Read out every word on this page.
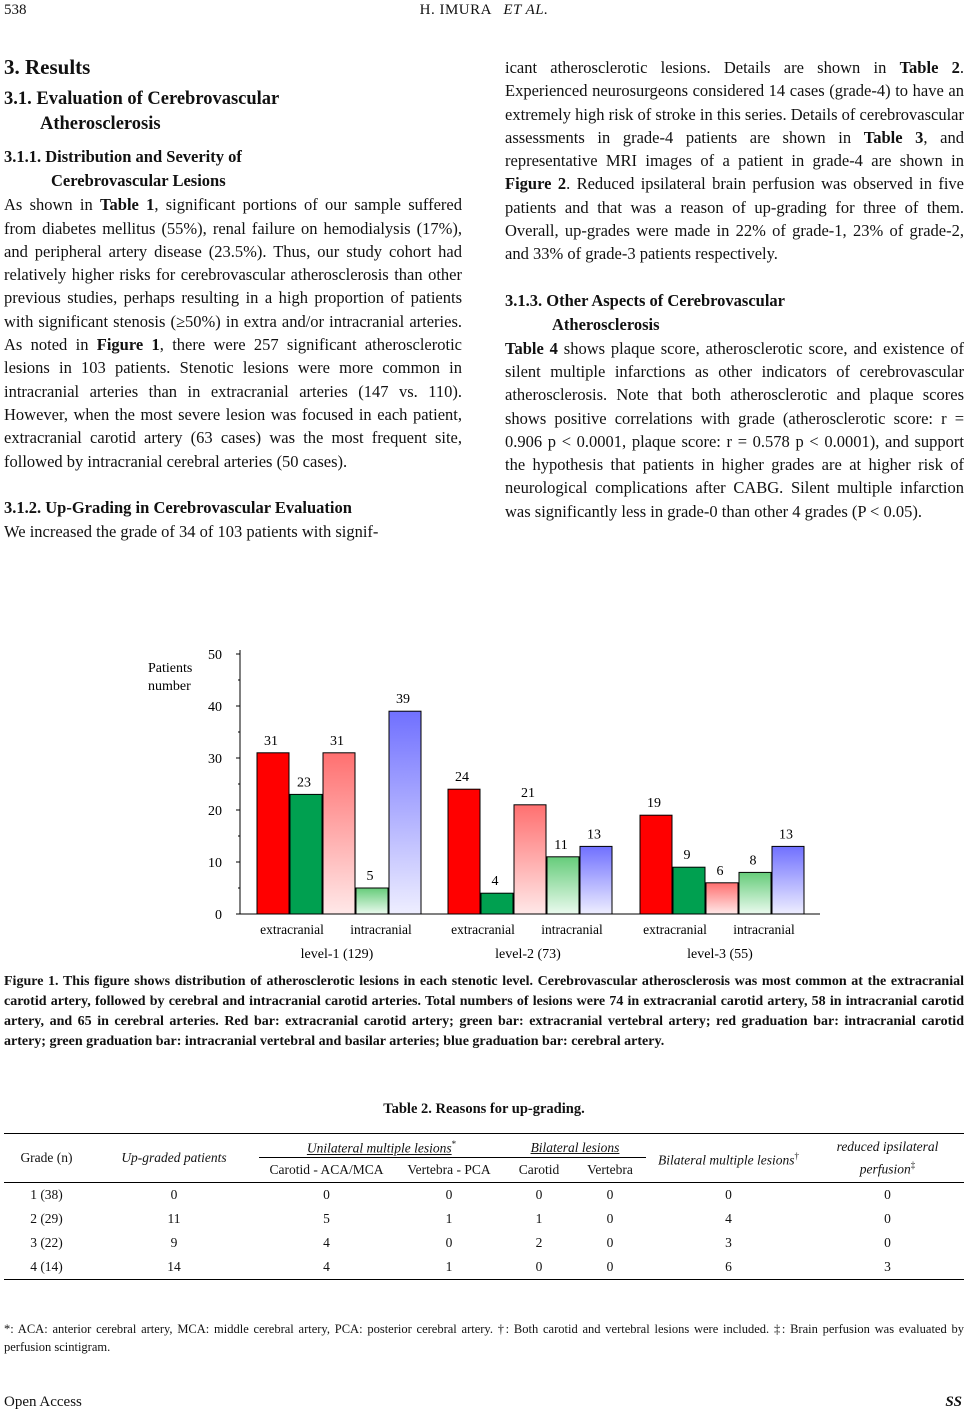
538	H. IMURA ET AL.
3. Results
3.1. Evaluation of Cerebrovascular
Atherosclerosis
3.1.1. Distribution and Severity of
Cerebrovascular Lesions

As shown in Table 1, significant portions of our sample suffered from diabetes mellitus (55%), renal failure on hemodialysis (17%), and peripheral artery disease (23.5%). Thus, our study cohort had relatively higher risks for cerebrovascular atherosclerosis than other previous studies, perhaps resulting in a high proportion of patients with significant stenosis (≥50%) in extra and/or intracranial arteries. As noted in Figure 1, there were 257 significant atherosclerotic lesions in 103 patients. Stenotic lesions were more common in intracranial arteries than in extracranial arteries (147 vs. 110). However, when the most severe lesion was focused in each patient, extracranial carotid artery (63 cases) was the most frequent site, followed by intracranial cerebral arteries (50 cases).

3.1.2. Up-Grading in Cerebrovascular Evaluation

We increased the grade of 34 of 103 patients with signif-

icant atherosclerotic lesions. Details are shown in Table 2. Experienced neurosurgeons considered 14 cases (grade-4) to have an extremely high risk of stroke in this series. Details of cerebrovascular assessments in grade-4 patients are shown in Table 3, and representative MRI images of a patient in grade-4 are shown in Figure 2. Reduced ipsilateral brain perfusion was observed in five patients and that was a reason of up-grading for three of them. Overall, up-grades were made in 22% of grade-1, 23% of grade-2, and 33% of grade-3 patients respectively.

3.1.3. Other Aspects of Cerebrovascular
Atherosclerosis

Table 4 shows plaque score, atherosclerotic score, and existence of silent multiple infarctions as other indicators of cerebrovascular atherosclerosis. Note that both atherosclerotic and plaque scores shows positive correlations with grade (atherosclerotic score: r = 0.906 p < 0.0001, plaque score: r = 0.578 p < 0.0001), and support the hypothesis that patients in higher grades are at higher risk of neurological complications after CABG. Silent multiple infarction was significantly less in grade-0 than other 4 grades (P < 0.05).

Patients
number
0
10
20
30
40
50
31
23
31
5
39
extracranial intracranial
level-1 (129)
24
4
21
11
13
extracranial intracranial
level-2 (73)
19
9
6
8
13
extracranial intracranial
level-3 (55)
Figure 1. This figure shows distribution of atherosclerotic lesions in each stenotic level. Cerebrovascular atherosclerosis was most common at the extracranial carotid artery, followed by cerebral and intracranial carotid arteries. Total numbers of lesions were 74 in extracranial carotid artery, 58 in intracranial carotid artery, and 65 in cerebral arteries. Red bar: extracranial carotid artery; green bar: extracranial vertebral artery; red graduation bar: intracranial carotid artery; green graduation bar: intracranial vertebral and basilar arteries; blue graduation bar: cerebral artery.
Table 2. Reasons for up-grading.
Grade (n)	Up-graded patients	Unilateral multiple lesions*		Bilateral lesions		Bilateral multiple lesions†	reduced ipsilateral perfusion‡
		Carotid - ACA/MCA	Vertebra - PCA	Carotid	Vertebra		
1 (38)	0	0	0	0	0	0	0
2 (29)	11	5	1	1	0	4	0
3 (22)	9	4	0	2	0	3	0
4 (14)	14	4	1	0	0	6	3
*: ACA: anterior cerebral artery, MCA: middle cerebral artery, PCA: posterior cerebral artery. †: Both carotid and vertebral lesions were included. ‡: Brain perfusion was evaluated by perfusion scintigram.
Open Access	SS
